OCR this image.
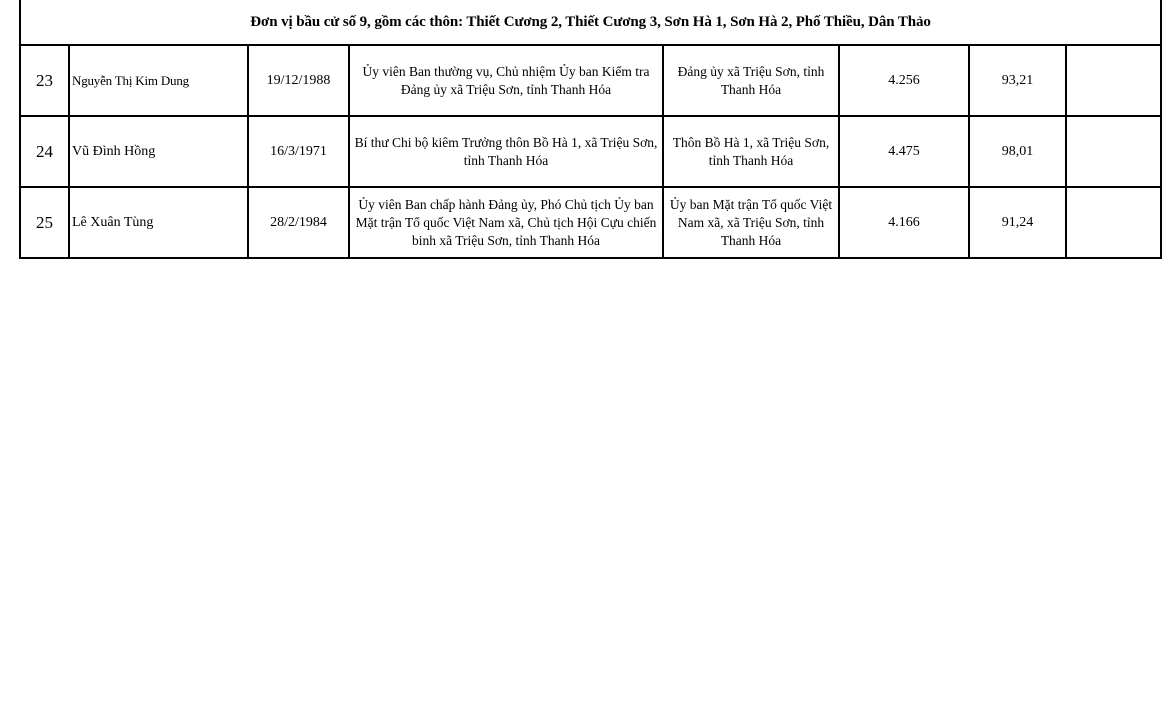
Đơn vị bầu cử số 9, gồm các thôn: Thiết Cương 2, Thiết Cương 3, Sơn Hà 1, Sơn Hà 2, Phố Thiều, Dân Thảo							
23	Nguyễn Thị Kim Dung	19/12/1988	Ủy viên Ban thường vụ, Chủ nhiệm Ủy ban Kiểm tra Đảng ủy xã Triệu Sơn, tỉnh Thanh Hóa	Đảng ủy xã Triệu Sơn, tỉnh Thanh Hóa	4.256	93,21	
24	Vũ Đình Hồng	16/3/1971	Bí thư Chi bộ kiêm Trưởng thôn Bồ Hà 1, xã Triệu Sơn, tỉnh Thanh Hóa	Thôn Bồ Hà 1, xã Triệu Sơn, tỉnh Thanh Hóa	4.475	98,01	
25	Lê Xuân Tùng	28/2/1984	Ủy viên Ban chấp hành Đảng ủy, Phó Chủ tịch Ủy ban Mặt trận Tổ quốc Việt Nam xã, Chủ tịch Hội Cựu chiến binh xã Triệu Sơn, tỉnh Thanh Hóa	Ủy ban Mặt trận Tổ quốc Việt Nam xã, xã Triệu Sơn, tỉnh Thanh Hóa	4.166	91,24	
